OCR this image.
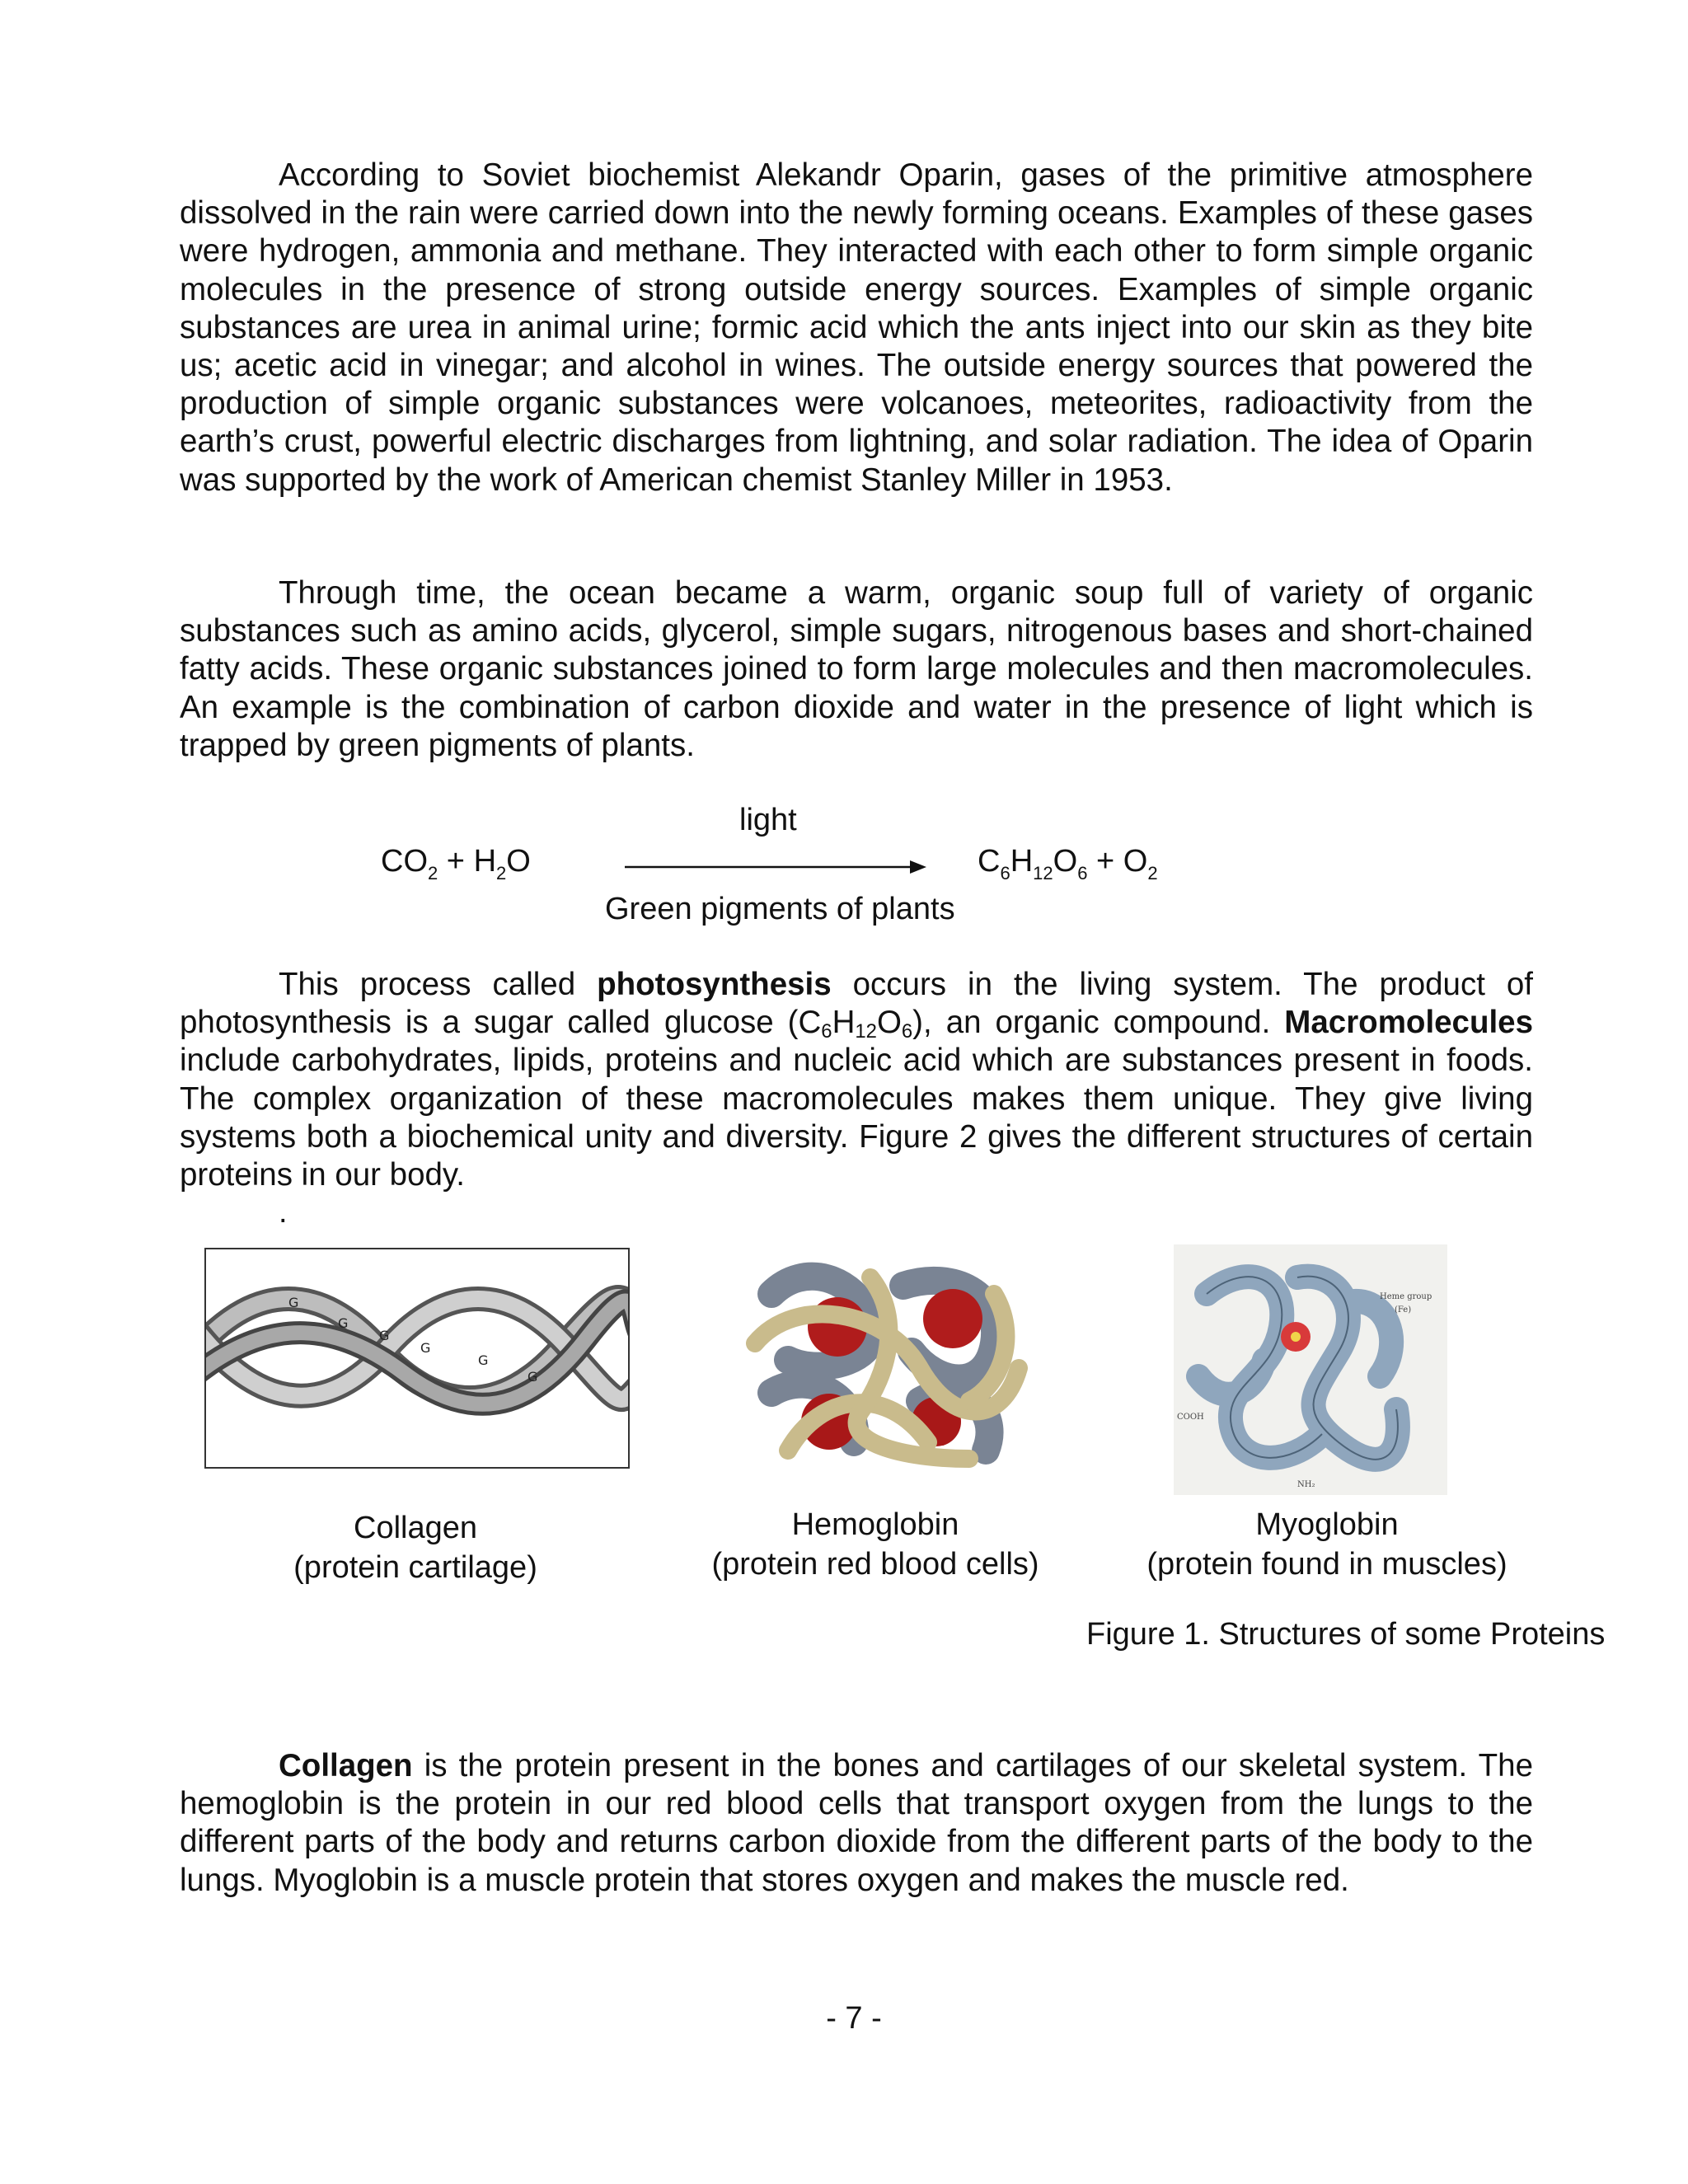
According to Soviet biochemist Alekandr Oparin, gases of the primitive atmosphere dissolved in the rain were carried down into the newly forming oceans. Examples of these gases were hydrogen, ammonia and methane. They interacted with each other to form simple organic molecules in the presence of strong outside energy sources. Examples of simple organic substances are urea in animal urine; formic acid which the ants inject into our skin as they bite us; acetic acid in vinegar; and alcohol in wines. The outside energy sources that powered the production of simple organic substances were volcanoes, meteorites, radioactivity from the earth’s crust, powerful electric discharges from lightning, and solar radiation. The idea of Oparin was supported by the work of American chemist Stanley Miller in 1953.

Through time, the ocean became a warm, organic soup full of variety of organic substances such as amino acids, glycerol, simple sugars, nitrogenous bases and short-chained fatty acids. These organic substances joined to form large molecules and then macromolecules. An example is the combination of carbon dioxide and water in the presence of light which is trapped by green pigments of plants.

$CO_2 + H_2O$
light
$C_6H_{12}O_6 + O_2$
Green pigments of plants

This process called photosynthesis occurs in the living system. The product of photosynthesis is a sugar called glucose $(C_6H_{12}O_6)$, an organic compound. Macromolecules include carbohydrates, lipids, proteins and nucleic acid which are substances present in foods. The complex organization of these macromolecules makes them unique. They give living systems both a biochemical unity and diversity. Figure 2 gives the different structures of certain proteins in our body.

.
G
G
G
G
G
G
Heme group
(Fe)
COOH
NH₂
Collagen
(protein cartilage)
Hemoglobin
(protein red blood cells)
Myoglobin
(protein found in muscles)
Figure 1. Structures of some Proteins

Collagen is the protein present in the bones and cartilages of our skeletal system. The hemoglobin is the protein in our red blood cells that transport oxygen from the lungs to the different parts of the body and returns carbon dioxide from the different parts of the body to the lungs. Myoglobin is a muscle protein that stores oxygen and makes the muscle red.

- 7 -
